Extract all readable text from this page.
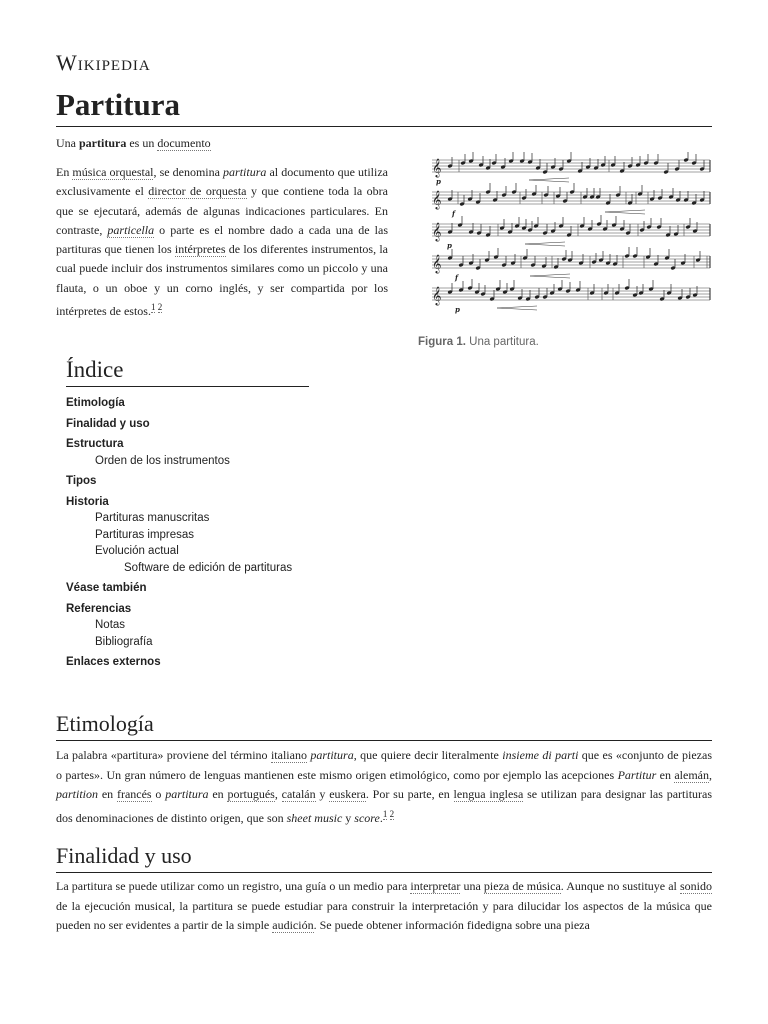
Wikipedia
Partitura
Una partitura es un documento
En música orquestal, se denomina partitura al documento que utiliza exclusivamente el director de orquesta y que contiene toda la obra que se ejecutará, además de algunas indicaciones particulares. En contraste, particella o parte es el nombre dado a cada una de las partituras que tienen los intérpretes de los diferentes instrumentos, la cual puede incluir dos instrumentos similares como un piccolo y una flauta, o un oboe y un corno inglés, y ser compartida por los intérpretes de estos.$^{1 2}$
𝄞
p
𝄞
f
𝄞
p
𝄞
f
𝄞
p
Figura 1. Una partitura.
Índice
Etimología
Finalidad y uso
Estructura
Orden de los instrumentos
Tipos
Historia
Partituras manuscritas
Partituras impresas
Evolución actual
Software de edición de partituras
Véase también
Referencias
Notas
Bibliografía
Enlaces externos
Etimología
La palabra «partitura» proviene del término italiano partitura, que quiere decir literalmente insieme di parti que es «conjunto de piezas o partes». Un gran número de lenguas mantienen este mismo origen etimológico, como por ejemplo las acepciones Partitur en alemán, partition en francés o partitura en portugués, catalán y euskera. Por su parte, en lengua inglesa se utilizan para designar las partituras dos denominaciones de distinto origen, que son sheet music y score.$^{1 2}$
Finalidad y uso
La partitura se puede utilizar como un registro, una guía o un medio para interpretar una pieza de música. Aunque no sustituye al sonido de la ejecución musical, la partitura se puede estudiar para construir la interpretación y para dilucidar los aspectos de la música que pueden no ser evidentes a partir de la simple audición. Se puede obtener información fidedigna sobre una pieza
